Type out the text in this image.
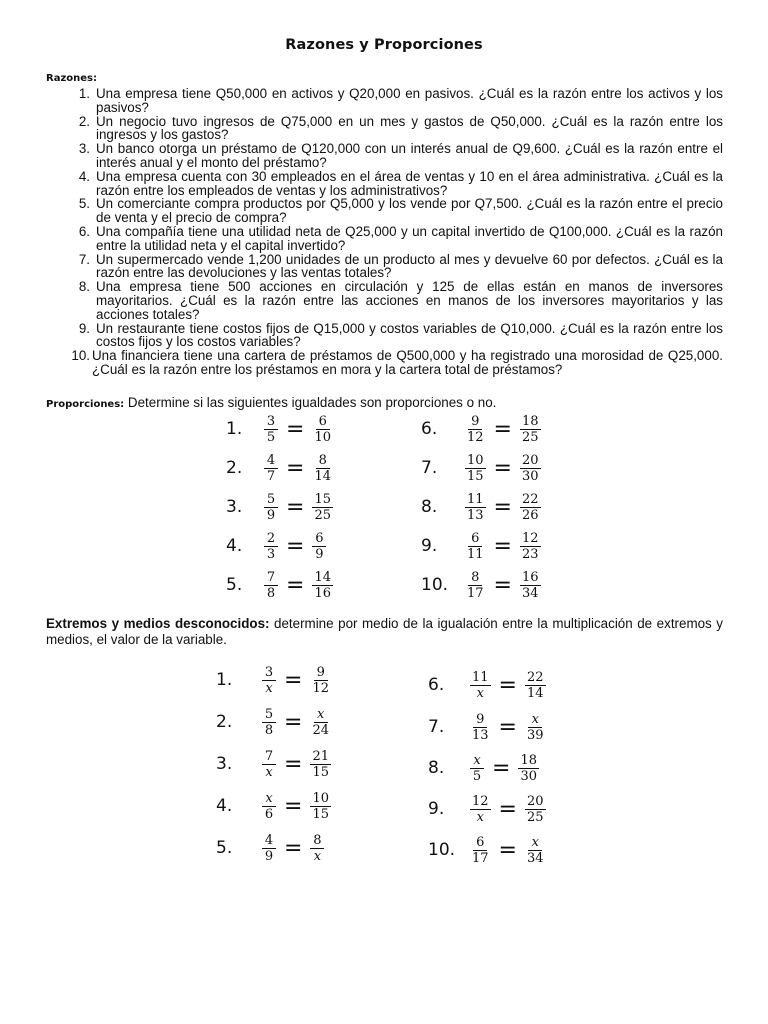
Razones y Proporciones
Razones:
1. Una empresa tiene Q50,000 en activos y Q20,000 en pasivos. ¿Cuál es la razón entre los activos y los pasivos?
2. Un negocio tuvo ingresos de Q75,000 en un mes y gastos de Q50,000. ¿Cuál es la razón entre los ingresos y los gastos?
3. Un banco otorga un préstamo de Q120,000 con un interés anual de Q9,600. ¿Cuál es la razón entre el interés anual y el monto del préstamo?
4. Una empresa cuenta con 30 empleados en el área de ventas y 10 en el área administrativa. ¿Cuál es la razón entre los empleados de ventas y los administrativos?
5. Un comerciante compra productos por Q5,000 y los vende por Q7,500. ¿Cuál es la razón entre el precio de venta y el precio de compra?
6. Una compañía tiene una utilidad neta de Q25,000 y un capital invertido de Q100,000. ¿Cuál es la razón entre la utilidad neta y el capital invertido?
7. Un supermercado vende 1,200 unidades de un producto al mes y devuelve 60 por defectos. ¿Cuál es la razón entre las devoluciones y las ventas totales?
8. Una empresa tiene 500 acciones en circulación y 125 de ellas están en manos de inversores mayoritarios. ¿Cuál es la razón entre las acciones en manos de los inversores mayoritarios y las acciones totales?
9. Un restaurante tiene costos fijos de Q15,000 y costos variables de Q10,000. ¿Cuál es la razón entre los costos fijos y los costos variables?
10. Una financiera tiene una cartera de préstamos de Q500,000 y ha registrado una morosidad de Q25,000. ¿Cuál es la razón entre los préstamos en mora y la cartera total de préstamos?
Proporciones: Determine si las siguientes igualdades son proporciones o no.
1.	$\frac{3}{5} = \frac{6}{10}$
2.	$\frac{4}{7} = \frac{8}{14}$
3.	$\frac{5}{9} = \frac{15}{25}$
4.	$\frac{2}{3} = \frac{6}{9}$
5.	$\frac{7}{8} = \frac{14}{16}$
6.	$\frac{9}{12} = \frac{18}{25}$
7.	$\frac{10}{15} = \frac{20}{30}$
8.	$\frac{11}{13} = \frac{22}{26}$
9.	$\frac{6}{11} = \frac{12}{23}$
10.	$\frac{8}{17} = \frac{16}{34}$
Extremos y medios desconocidos: determine por medio de la igualación entre la multiplicación de extremos y medios, el valor de la variable.
1.	$\frac{3}{x} = \frac{9}{12}$
2.	$\frac{5}{8} = \frac{x}{24}$
3.	$\frac{7}{x} = \frac{21}{15}$
4.	$\frac{x}{6} = \frac{10}{15}$
5.	$\frac{4}{9} = \frac{8}{x}$
6.	$\frac{11}{x} = \frac{22}{14}$
7.	$\frac{9}{13} = \frac{x}{39}$
8.	$\frac{x}{5} = \frac{18}{30}$
9.	$\frac{12}{x} = \frac{20}{25}$
10.	$\frac{6}{17} = \frac{x}{34}$
